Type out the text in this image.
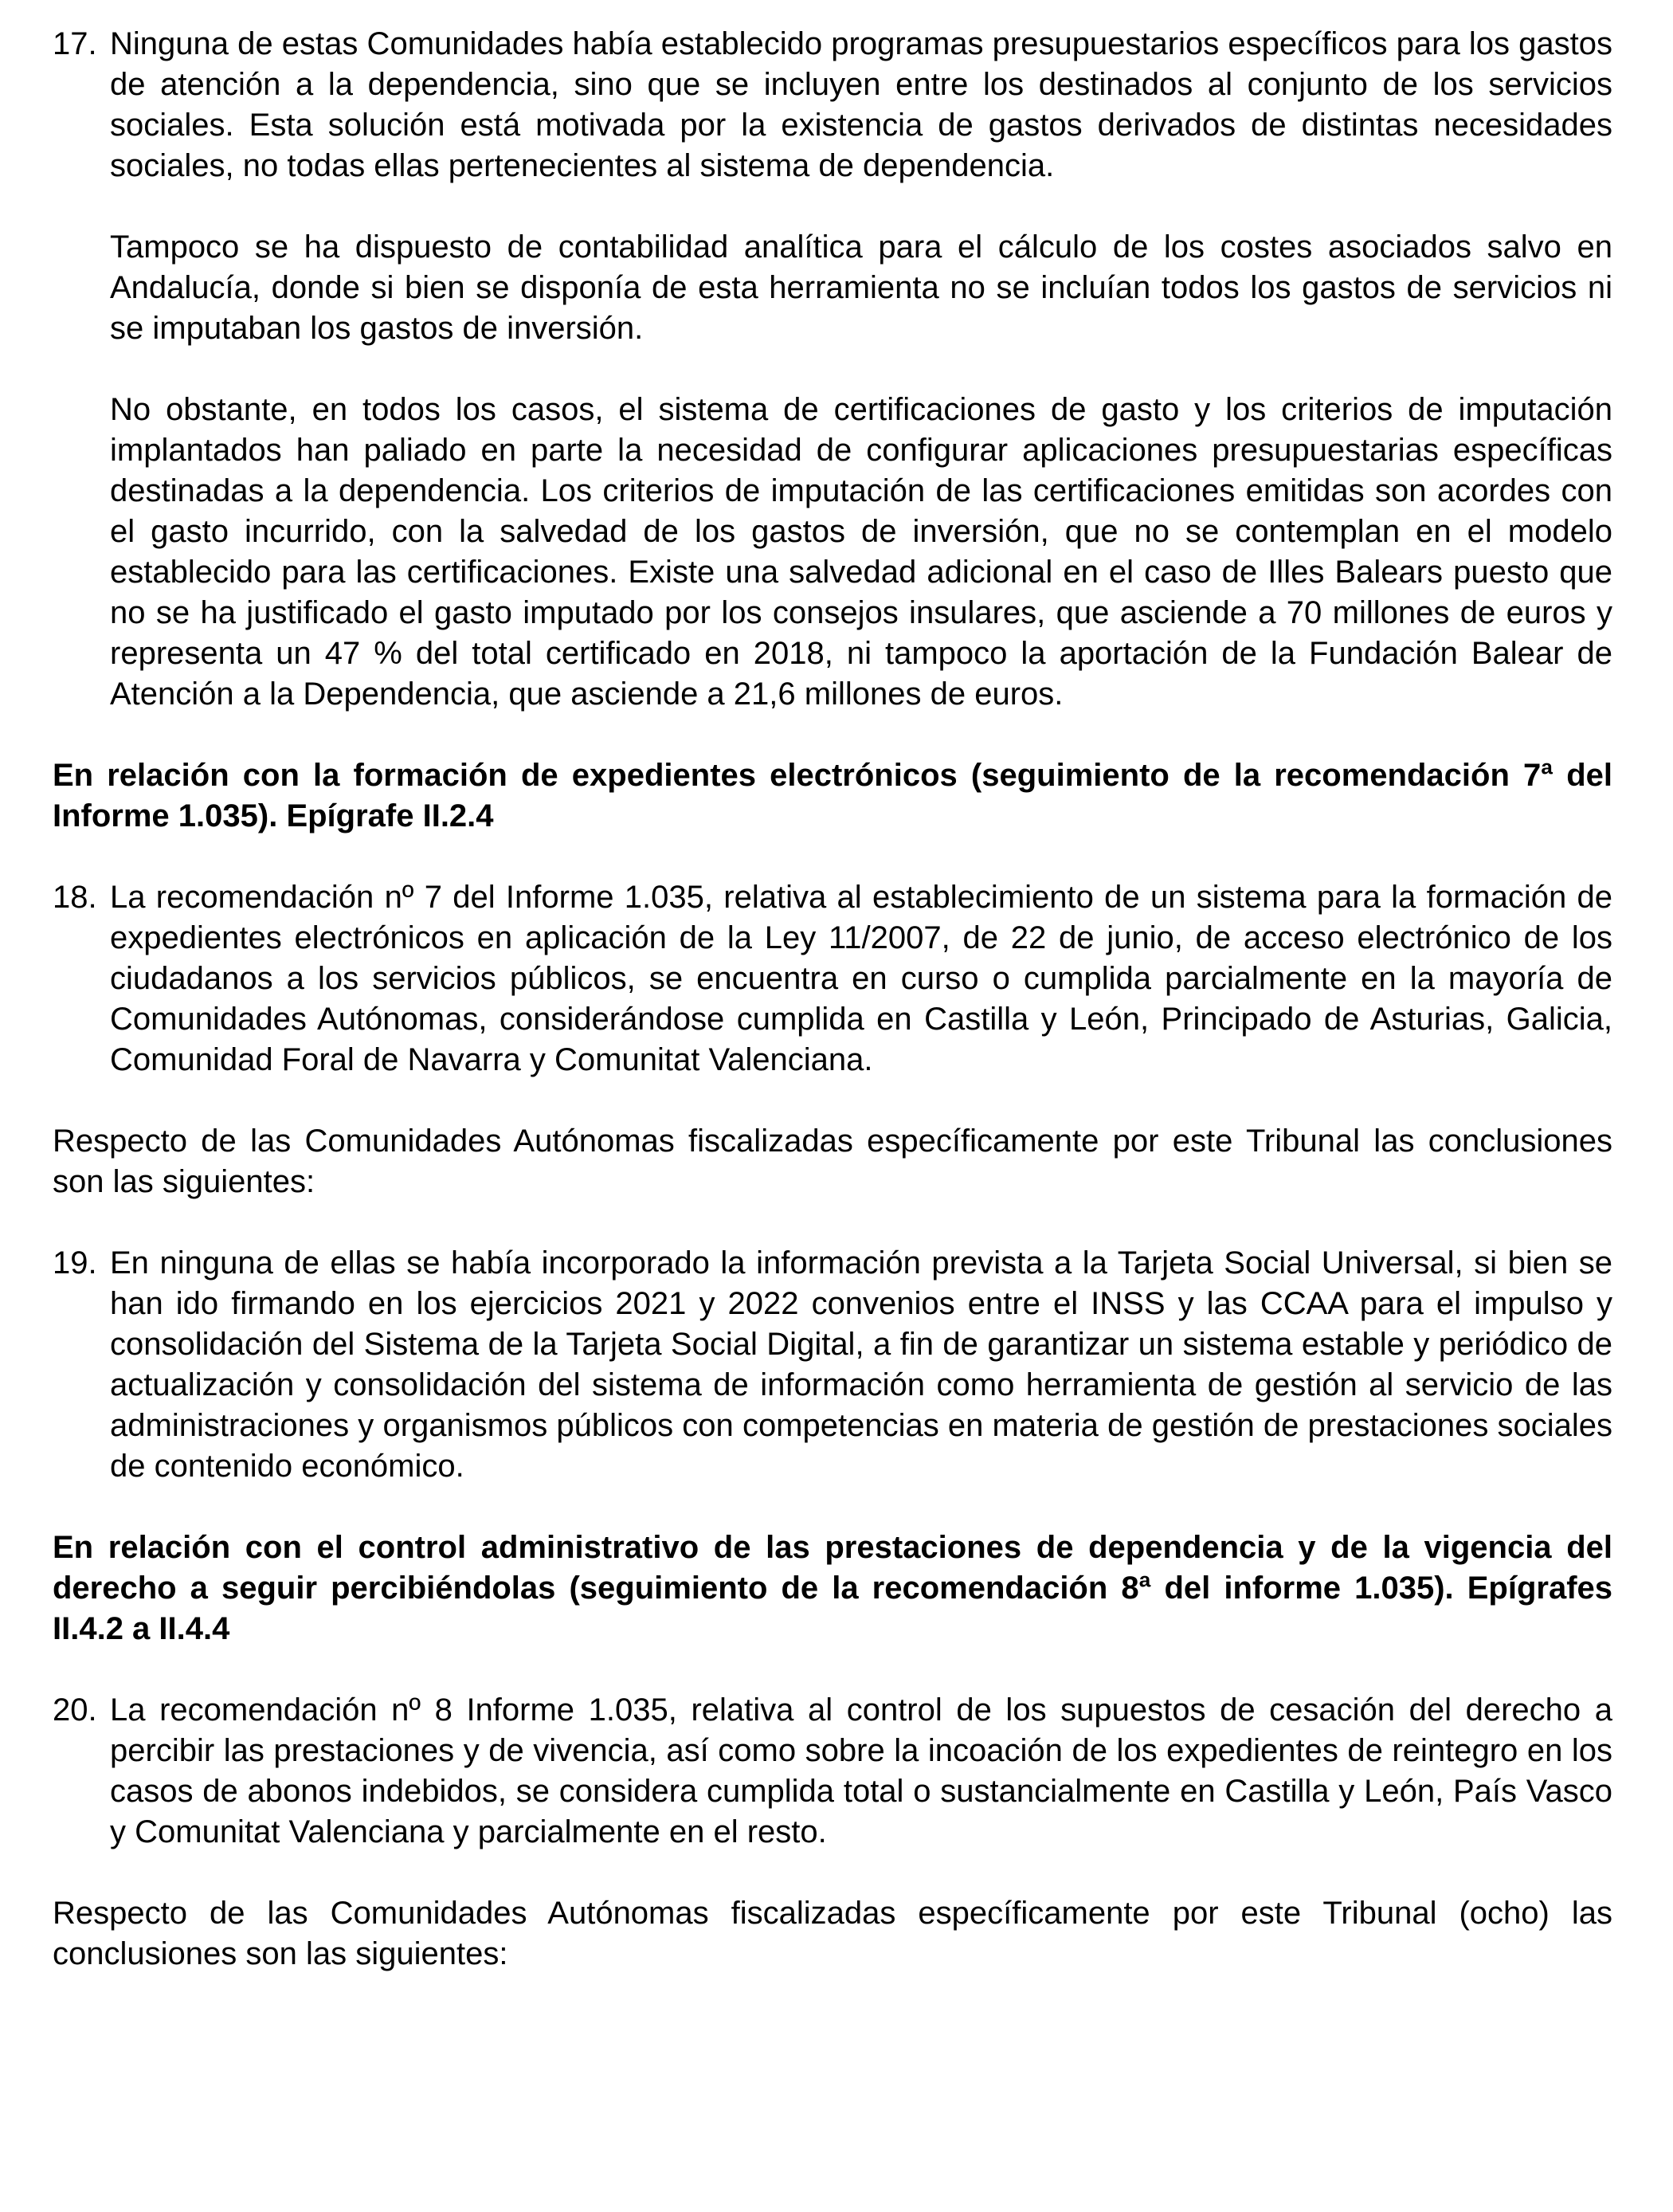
17. Ninguna de estas Comunidades había establecido programas presupuestarios específicos para los gastos de atención a la dependencia, sino que se incluyen entre los destinados al conjunto de los servicios sociales. Esta solución está motivada por la existencia de gastos derivados de distintas necesidades sociales, no todas ellas pertenecientes al sistema de dependencia.

Tampoco se ha dispuesto de contabilidad analítica para el cálculo de los costes asociados salvo en Andalucía, donde si bien se disponía de esta herramienta no se incluían todos los gastos de servicios ni se imputaban los gastos de inversión.

No obstante, en todos los casos, el sistema de certificaciones de gasto y los criterios de imputación implantados han paliado en parte la necesidad de configurar aplicaciones presupuestarias específicas destinadas a la dependencia. Los criterios de imputación de las certificaciones emitidas son acordes con el gasto incurrido, con la salvedad de los gastos de inversión, que no se contemplan en el modelo establecido para las certificaciones. Existe una salvedad adicional en el caso de Illes Balears puesto que no se ha justificado el gasto imputado por los consejos insulares, que asciende a 70 millones de euros y representa un 47 % del total certificado en 2018, ni tampoco la aportación de la Fundación Balear de Atención a la Dependencia, que asciende a 21,6 millones de euros.

En relación con la formación de expedientes electrónicos (seguimiento de la recomendación 7ª del Informe 1.035). Epígrafe II.2.4

18. La recomendación nº 7 del Informe 1.035, relativa al establecimiento de un sistema para la formación de expedientes electrónicos en aplicación de la Ley 11/2007, de 22 de junio, de acceso electrónico de los ciudadanos a los servicios públicos, se encuentra en curso o cumplida parcialmente en la mayoría de Comunidades Autónomas, considerándose cumplida en Castilla y León, Principado de Asturias, Galicia, Comunidad Foral de Navarra y Comunitat Valenciana.

Respecto de las Comunidades Autónomas fiscalizadas específicamente por este Tribunal las conclusiones son las siguientes:

19. En ninguna de ellas se había incorporado la información prevista a la Tarjeta Social Universal, si bien se han ido firmando en los ejercicios 2021 y 2022 convenios entre el INSS y las CCAA para el impulso y consolidación del Sistema de la Tarjeta Social Digital, a fin de garantizar un sistema estable y periódico de actualización y consolidación del sistema de información como herramienta de gestión al servicio de las administraciones y organismos públicos con competencias en materia de gestión de prestaciones sociales de contenido económico.

En relación con el control administrativo de las prestaciones de dependencia y de la vigencia del derecho a seguir percibiéndolas (seguimiento de la recomendación 8ª del informe 1.035). Epígrafes II.4.2 a II.4.4

20. La recomendación nº 8 Informe 1.035, relativa al control de los supuestos de cesación del derecho a percibir las prestaciones y de vivencia, así como sobre la incoación de los expedientes de reintegro en los casos de abonos indebidos, se considera cumplida total o sustancialmente en Castilla y León, País Vasco y Comunitat Valenciana y parcialmente en el resto.

Respecto de las Comunidades Autónomas fiscalizadas específicamente por este Tribunal (ocho) las conclusiones son las siguientes:
